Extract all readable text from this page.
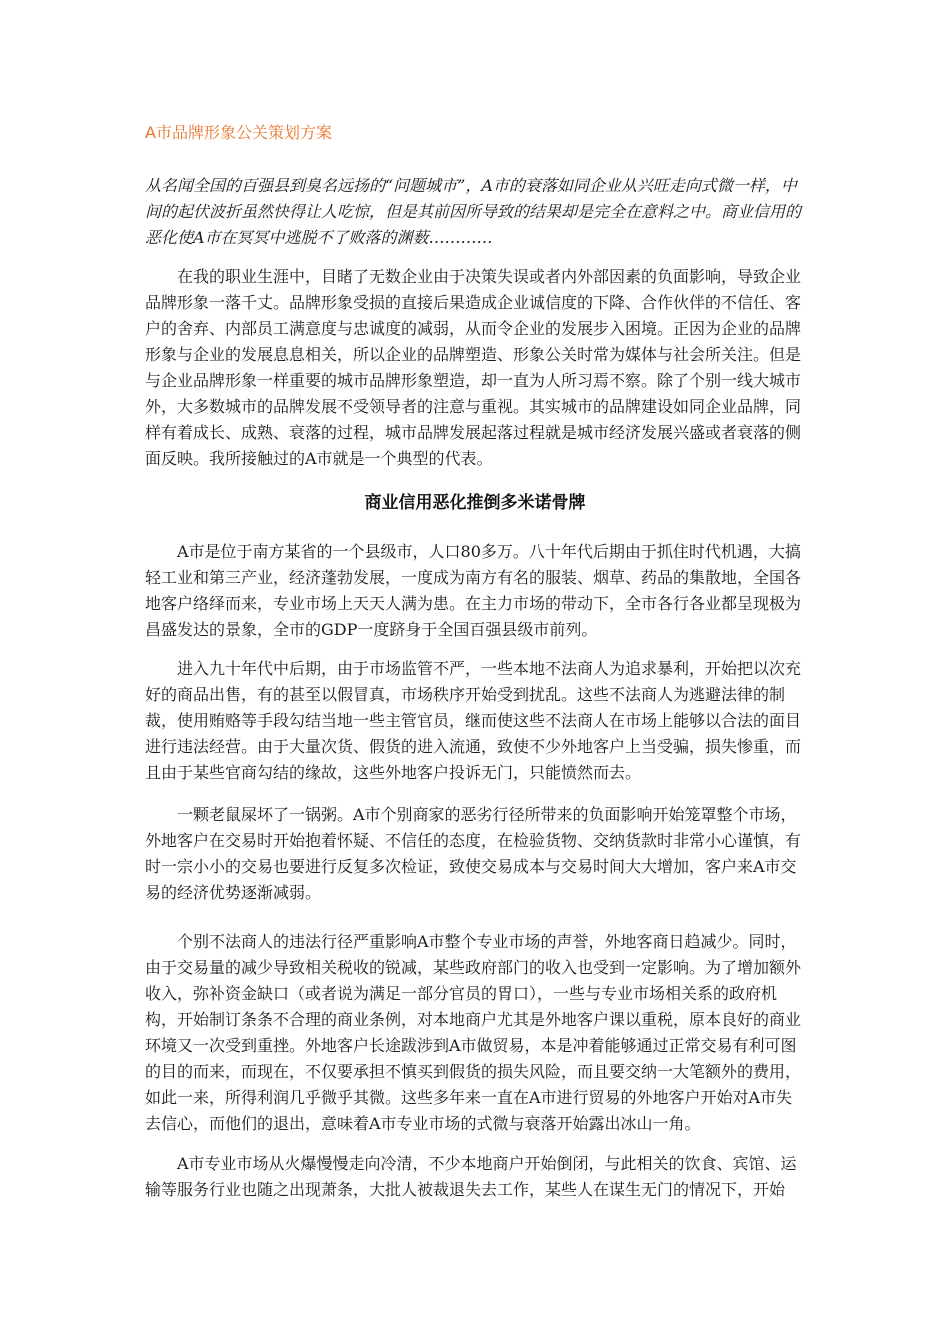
A市品牌形象公关策划方案

从名闻全国的百强县到臭名远扬的“问题城市”，A市的衰落如同企业从兴旺走向式微一样，中间的起伏波折虽然快得让人吃惊，但是其前因所导致的结果却是完全在意料之中。商业信用的恶化使A市在冥冥中逃脱不了败落的渊薮…………

在我的职业生涯中，目睹了无数企业由于决策失误或者内外部因素的负面影响，导致企业品牌形象一落千丈。品牌形象受损的直接后果造成企业诚信度的下降、合作伙伴的不信任、客户的舍弃、内部员工满意度与忠诚度的减弱，从而令企业的发展步入困境。正因为企业的品牌形象与企业的发展息息相关，所以企业的品牌塑造、形象公关时常为媒体与社会所关注。但是与企业品牌形象一样重要的城市品牌形象塑造，却一直为人所习焉不察。除了个别一线大城市外，大多数城市的品牌发展不受领导者的注意与重视。其实城市的品牌建设如同企业品牌，同样有着成长、成熟、衰落的过程，城市品牌发展起落过程就是城市经济发展兴盛或者衰落的侧面反映。我所接触过的A市就是一个典型的代表。

商业信用恶化推倒多米诺骨牌

A市是位于南方某省的一个县级市，人口80多万。八十年代后期由于抓住时代机遇，大搞轻工业和第三产业，经济蓬勃发展，一度成为南方有名的服装、烟草、药品的集散地，全国各地客户络绎而来，专业市场上天天人满为患。在主力市场的带动下，全市各行各业都呈现极为昌盛发达的景象，全市的GDP一度跻身于全国百强县级市前列。

进入九十年代中后期，由于市场监管不严，一些本地不法商人为追求暴利，开始把以次充好的商品出售，有的甚至以假冒真，市场秩序开始受到扰乱。这些不法商人为逃避法律的制裁，使用贿赂等手段勾结当地一些主管官员，继而使这些不法商人在市场上能够以合法的面目进行违法经营。由于大量次货、假货的进入流通，致使不少外地客户上当受骗，损失惨重，而且由于某些官商勾结的缘故，这些外地客户投诉无门，只能愤然而去。

一颗老鼠屎坏了一锅粥。A市个别商家的恶劣行径所带来的负面影响开始笼罩整个市场，外地客户在交易时开始抱着怀疑、不信任的态度，在检验货物、交纳货款时非常小心谨慎，有时一宗小小的交易也要进行反复多次检证，致使交易成本与交易时间大大增加，客户来A市交易的经济优势逐渐减弱。

个别不法商人的违法行径严重影响A市整个专业市场的声誉，外地客商日趋减少。同时，由于交易量的减少导致相关税收的锐减，某些政府部门的收入也受到一定影响。为了增加额外收入，弥补资金缺口（或者说为满足一部分官员的胃口），一些与专业市场相关系的政府机构，开始制订条条不合理的商业条例，对本地商户尤其是外地客户课以重税，原本良好的商业环境又一次受到重挫。外地客户长途跋涉到A市做贸易，本是冲着能够通过正常交易有利可图的目的而来，而现在，不仅要承担不慎买到假货的损失风险，而且要交纳一大笔额外的费用，如此一来，所得利润几乎微乎其微。这些多年来一直在A市进行贸易的外地客户开始对A市失去信心，而他们的退出，意味着A市专业市场的式微与衰落开始露出冰山一角。

A市专业市场从火爆慢慢走向冷清，不少本地商户开始倒闭，与此相关的饮食、宾馆、运输等服务行业也随之出现萧条，大批人被裁退失去工作，某些人在谋生无门的情况下，开始
